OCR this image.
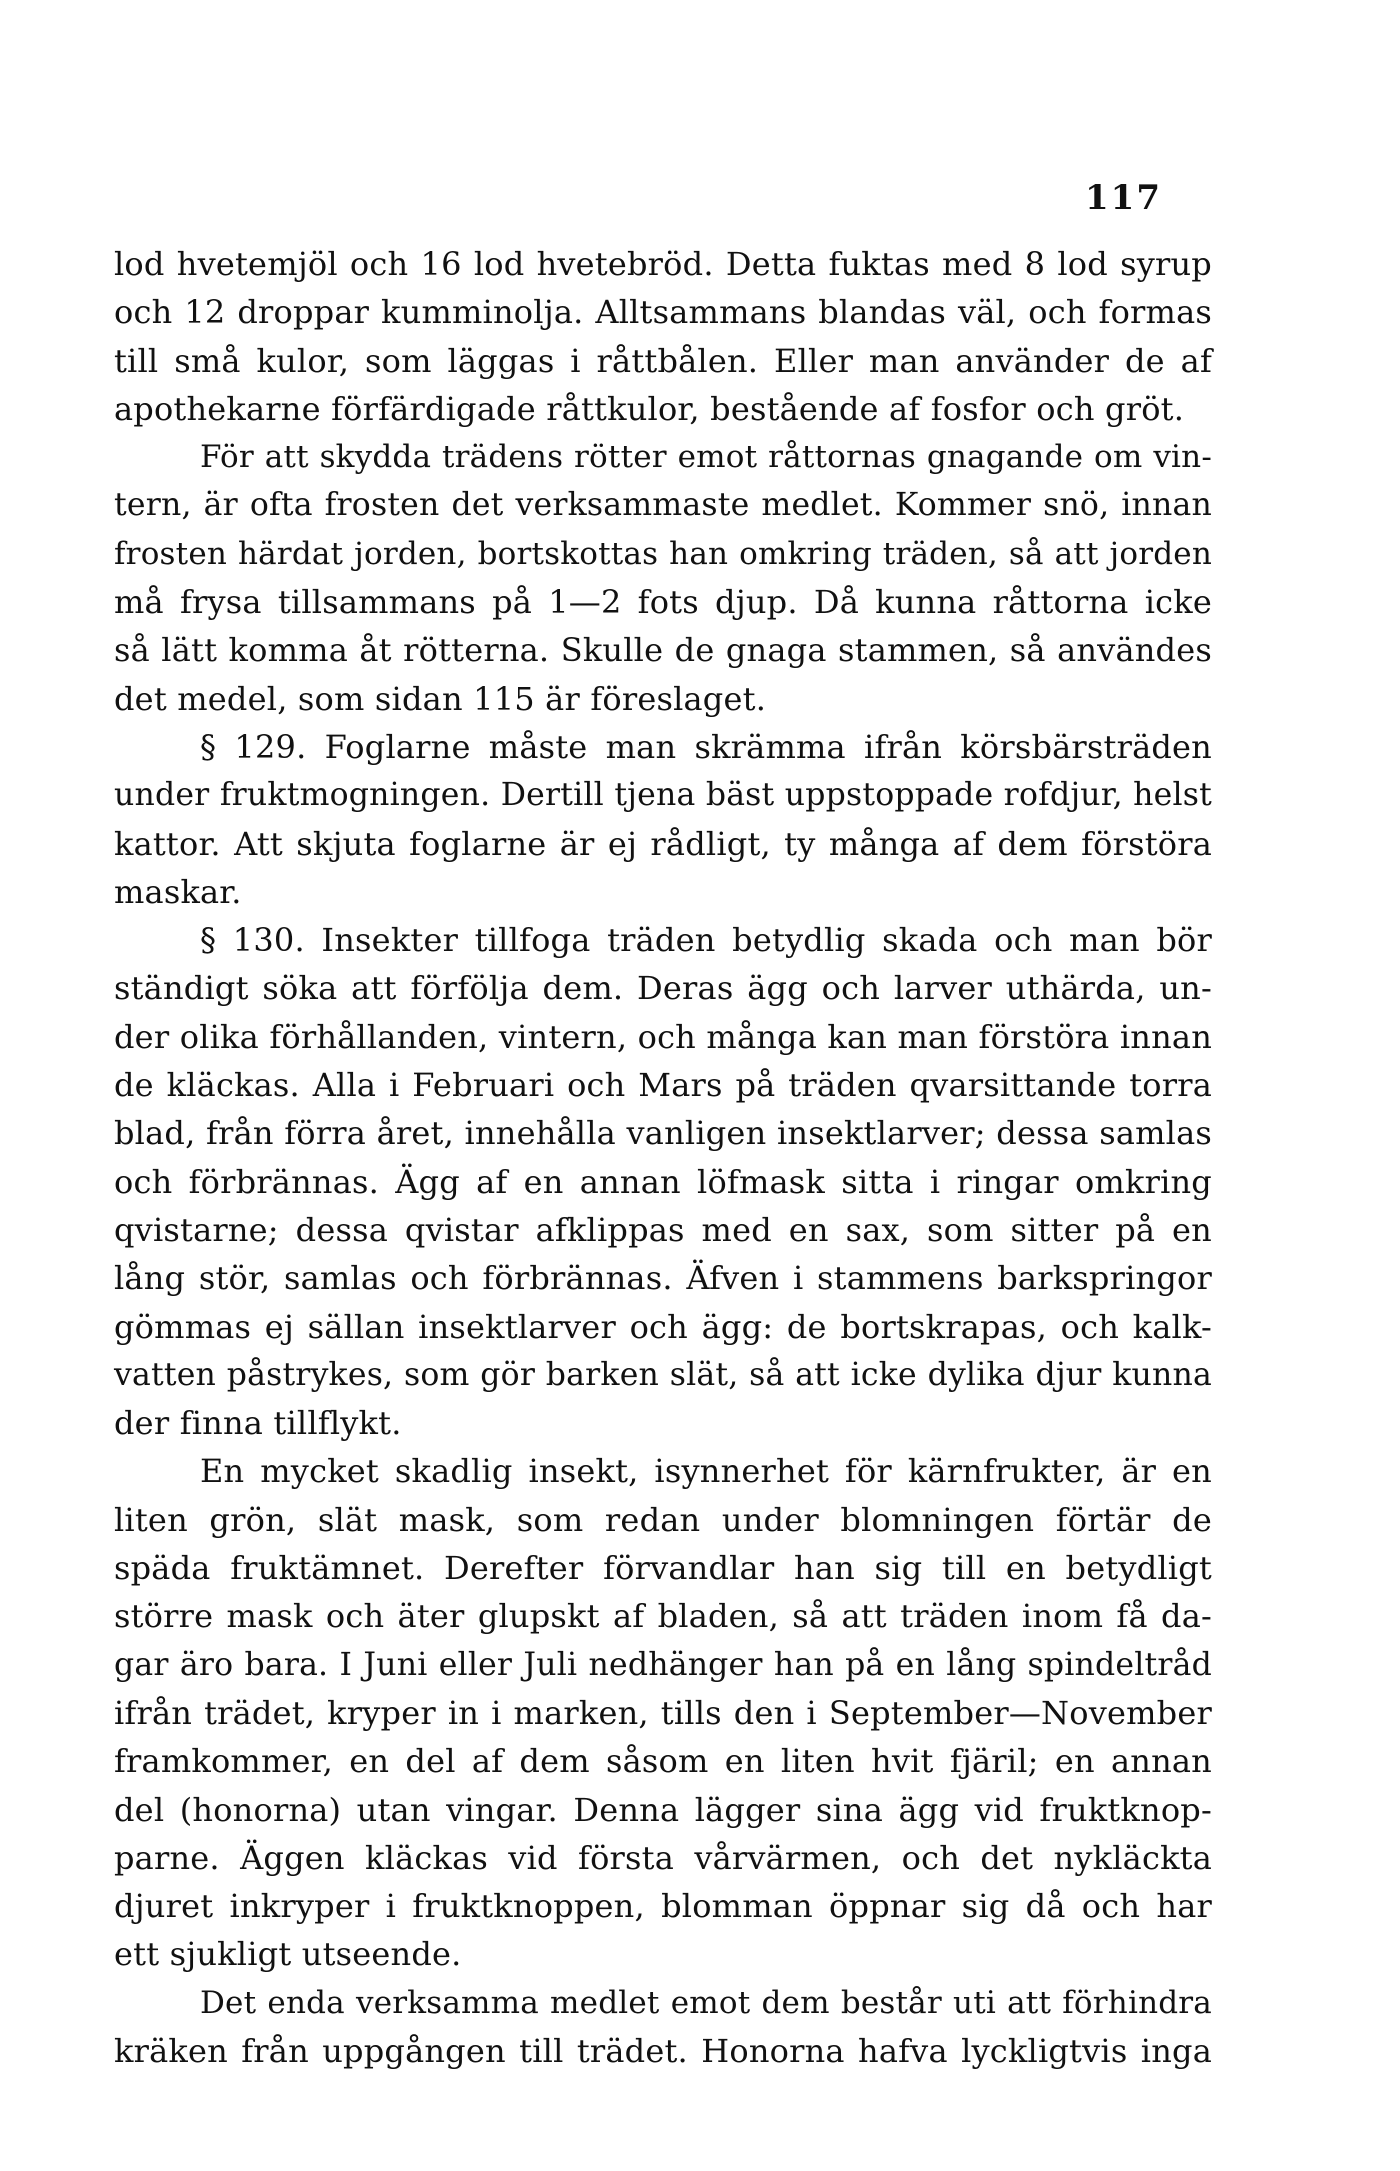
117
lod hvetemjöl och 16 lod hvetebröd. Detta fuktas med 8 lod syrup
och 12 droppar kumminolja. Alltsammans blandas väl, och formas
till små kulor, som läggas i råttbålen. Eller man använder de af
apothekarne förfärdigade råttkulor, bestående af fosfor och gröt.
För att skydda trädens rötter emot råttornas gnagande om vin-
tern, är ofta frosten det verksammaste medlet. Kommer snö, innan
frosten härdat jorden, bortskottas han omkring träden, så att jorden
må frysa tillsammans på 1—2 fots djup. Då kunna råttorna icke
så lätt komma åt rötterna. Skulle de gnaga stammen, så användes
det medel, som sidan 115 är föreslaget.
§ 129. Foglarne måste man skrämma ifrån körsbärsträden
under fruktmogningen. Dertill tjena bäst uppstoppade rofdjur, helst
kattor. Att skjuta foglarne är ej rådligt, ty många af dem förstöra
maskar.
§ 130. Insekter tillfoga träden betydlig skada och man bör
ständigt söka att förfölja dem. Deras ägg och larver uthärda, un-
der olika förhållanden, vintern, och många kan man förstöra innan
de kläckas. Alla i Februari och Mars på träden qvarsittande torra
blad, från förra året, innehålla vanligen insektlarver; dessa samlas
och förbrännas. Ägg af en annan löfmask sitta i ringar omkring
qvistarne; dessa qvistar afklippas med en sax, som sitter på en
lång stör, samlas och förbrännas. Äfven i stammens barkspringor
gömmas ej sällan insektlarver och ägg: de bortskrapas, och kalk-
vatten påstrykes, som gör barken slät, så att icke dylika djur kunna
der finna tillflykt.
En mycket skadlig insekt, isynnerhet för kärnfrukter, är en
liten grön, slät mask, som redan under blomningen förtär de
späda fruktämnet. Derefter förvandlar han sig till en betydligt
större mask och äter glupskt af bladen, så att träden inom få da-
gar äro bara. I Juni eller Juli nedhänger han på en lång spindeltråd
ifrån trädet, kryper in i marken, tills den i September—November
framkommer, en del af dem såsom en liten hvit fjäril; en annan
del (honorna) utan vingar. Denna lägger sina ägg vid fruktknop-
parne. Äggen kläckas vid första vårvärmen, och det nykläckta
djuret inkryper i fruktknoppen, blomman öppnar sig då och har
ett sjukligt utseende.
Det enda verksamma medlet emot dem består uti att förhindra
kräken från uppgången till trädet. Honorna hafva lyckligtvis inga
